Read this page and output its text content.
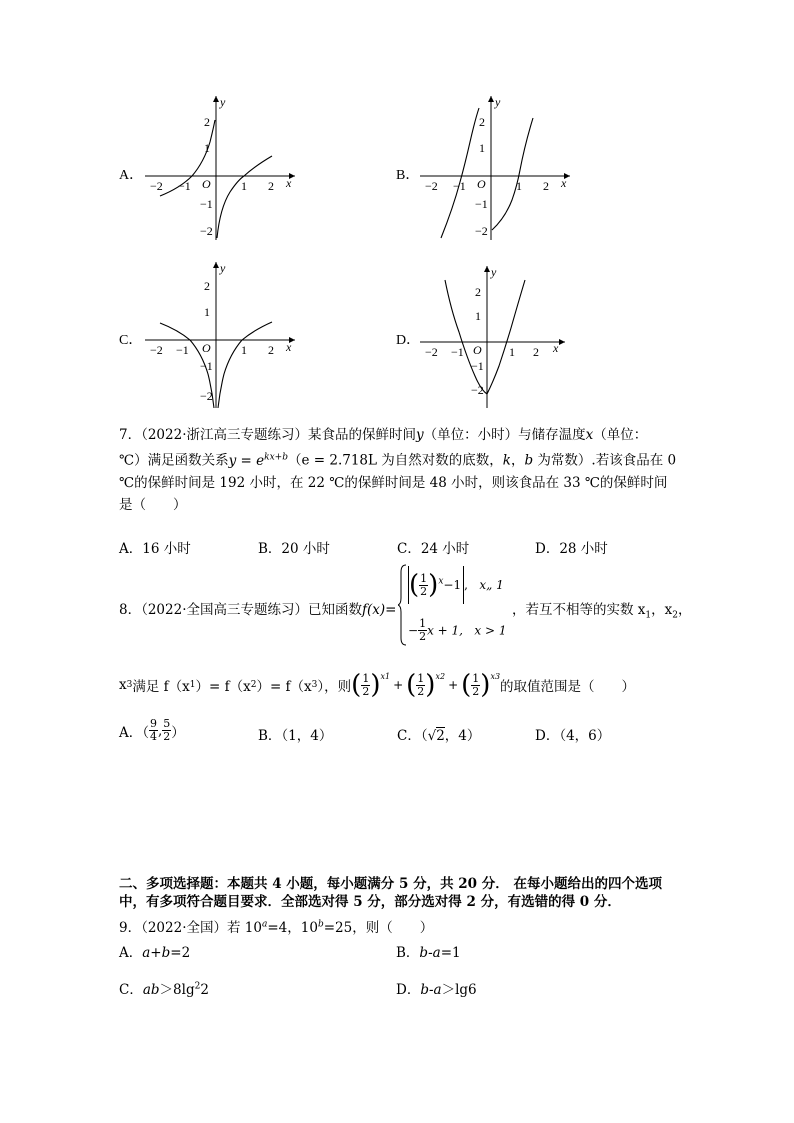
A．
y
x
O
−2 −1	1 2
2
1
−1
−2
B．
y
x
O
−2 −1	1 2
2
1
−1
−2
C．
y
x
O
−2 −1	1 2
2
1
−1
−2
D．
y
x
O
−2 −1	1 2
2
1
−1
−2
7．（2022·浙江高三专题练习）某食品的保鲜时间y（单位：小时）与储存温度x（单位：
℃）满足函数关系$y = e^{kx+b}(e = 2.718L$ 为自然对数的底数，k，b 为常数）.若该食品在 0
℃的保鲜时间是 192 小时，在 22 ℃的保鲜时间是 48 小时，则该食品在 33 ℃的保鲜时间
是（　　）
A．16 小时	B．20 小时	C．24 小时	D．28 小时
8．（2022·全国高三专题练习）已知函数f(x)=
( $\frac{1}{2} )^x-1$ ,   x„ 1
− $\frac{1}{2}$ x + 1, x > 1
，若互不相等的实数 $x_1$，$x_2$，
x 3 满足 f（x 1 ）= f（x 2 ）= f（x 3 ），则 ( $\frac{1}{2}$ ) x1
+ ( $\frac{1}{2}$ ) x2
+ ( $\frac{1}{2}$ ) x3
的取值范围是（　　）
A．（ $\frac{9}{4}$ , $\frac{5}{2}$ ）	B．（1，4）	C．（√2，4）	D．（4，6）
二、多项选择题：本题共 4 小题，每小题满分 5 分，共 20 分． 在每小题给出的四个选项
中，有多项符合题目要求．全部选对得 5 分，部分选对得 2 分，有选错的得 0 分．
9．（2022·全国）若 $10^a=4$，$10^b=25$，则（　　）
A．a+b=2	B．b-a=1
C．$ab>8\lg^22$	D．b-a＞lg6
